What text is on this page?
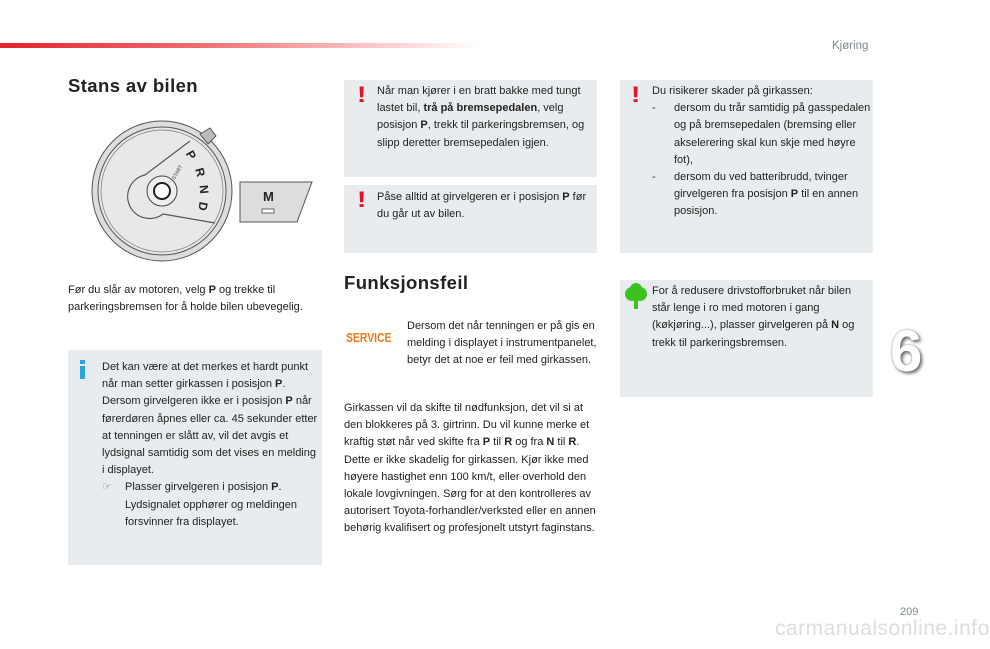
Kjøring
6
209
carmanualsonline.info
Stans av bilen
P
R
N
D
START
M
Før du slår av motoren, velg P og trekke til parkeringsbremsen for å holde bilen ubevegelig.
Det kan være at det merkes et hardt punkt når man setter girkassen i posisjon P.
Dersom girvelgeren ikke er i posisjon P når førerdøren åpnes eller ca. 45 sekunder etter at tenningen er slått av, vil det avgis et lydsignal samtidig som det vises en melding i displayet.
☞	Plasser girvelgeren i posisjon P. Lydsignalet opphører og meldingen forsvinner fra displayet.
! Når man kjører i en bratt bakke med tungt lastet bil, trå på bremsepedalen, velg posisjon P, trekk til parkeringsbremsen, og slipp deretter bremsepedalen igjen.
! Påse alltid at girvelgeren er i posisjon P før du går ut av bilen.
! Du risikerer skader på girkassen:
-	dersom du trår samtidig på gasspedalen og på bremsepedalen (bremsing eller akselerering skal kun skje med høyre fot),
-	dersom du ved batteribrudd, tvinger girvelgeren fra posisjon P til en annen posisjon.
For å redusere drivstofforbruket når bilen står lenge i ro med motoren i gang (køkjøring...), plasser girvelgeren på N og trekk til parkeringsbremsen.
Funksjonsfeil
SERVICE
Dersom det når tenningen er på gis en melding i displayet i instrumentpanelet, betyr det at noe er feil med girkassen.
Girkassen vil da skifte til nødfunksjon, det vil si at den blokkeres på 3. girtrinn. Du vil kunne merke et kraftig støt når ved skifte fra P til R og fra N til R. Dette er ikke skadelig for girkassen. Kjør ikke med høyere hastighet enn 100 km/t, eller overhold den lokale lovgivningen. Sørg for at den kontrolleres av autorisert Toyota-forhandler/verksted eller en annen behørig kvalifisert og profesjonelt utstyrt faginstans.
